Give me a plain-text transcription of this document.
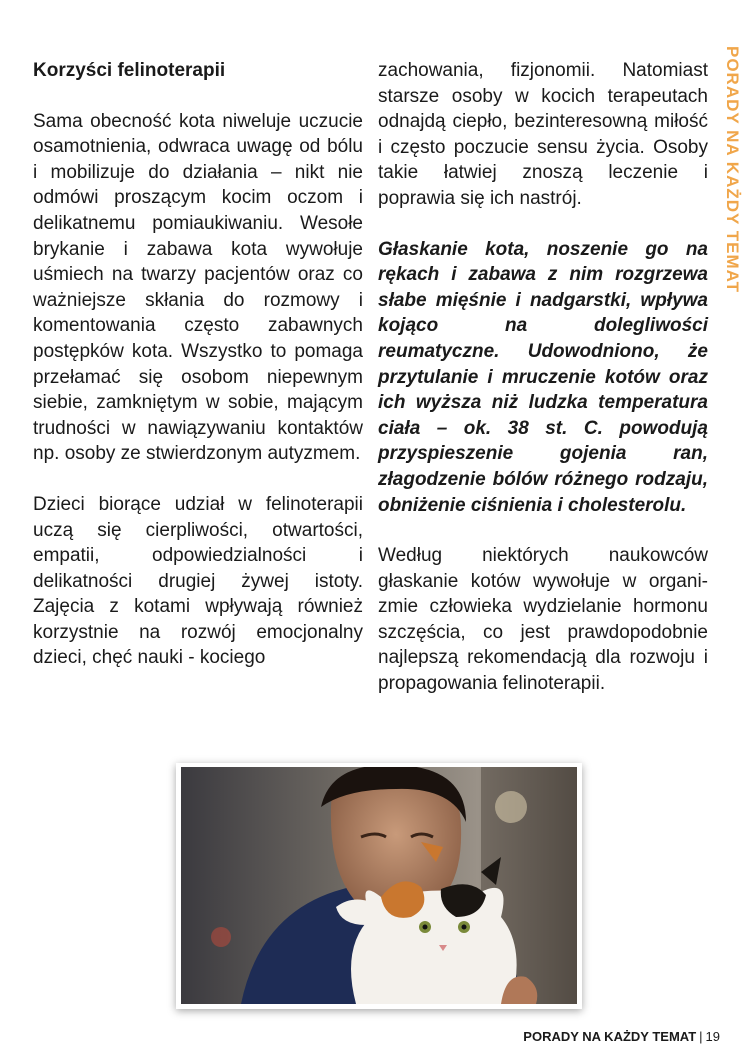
PORADY NA KAŻDY TEMAT

Korzyści felinoterapii

Sama obecność kota niweluje uczucie osamotnienia, odwraca uwagę od bólu i mobilizuje do działania – nikt nie odmówi proszącym kocim oczom i delikatnemu pomiaukiwaniu. Wesołe brykanie i zabawa kota wywołuje uśmiech na twarzy pacjentów oraz co ważniejsze skłania do rozmowy i komentowania często zabawnych postępków kota. Wszystko to pomaga przełamać się osobom niepewnym siebie, zamkniętym w sobie, mającym trudności w nawiązywaniu kontaktów np. osoby ze stwierdzonym autyzmem.

Dzieci biorące udział w felinoterapii uczą się cierpliwości, otwartości, empatii, odpowiedzialności i delikatności drugiej żywej istoty. Zajęcia z kotami wpływają również korzystnie na rozwój emocjonalny dzieci, chęć nauki - kociego

zachowania, fizjonomii. Natomiast starsze osoby w kocich terapeutach odnajdą ciepło, bezinteresowną miłość i często poczucie sensu życia. Osoby takie łatwiej znoszą leczenie i poprawia się ich nastrój.

Głaskanie kota, noszenie go na rękach i zabawa z nim rozgrzewa słabe mięśnie i nadgarstki, wpływa kojąco na dolegliwości reumatyczne. Udowodniono, że przytulanie i mruczenie kotów oraz ich wyższa niż ludzka temperatura ciała – ok. 38 st. C. powodują przyspieszenie gojenia ran, złagodzenie bólów różnego rodzaju, obniżenie ciśnienia i cholesterolu.

Według niektórych naukowców głaskanie kotów wywołuje w organizmie człowieka wydzielanie hormonu szczęścia, co jest prawdopodobnie najlepszą rekomendacją dla rozwoju i propagowania felinoterapii.

PORADY NA KAŻDY TEMAT | 19
